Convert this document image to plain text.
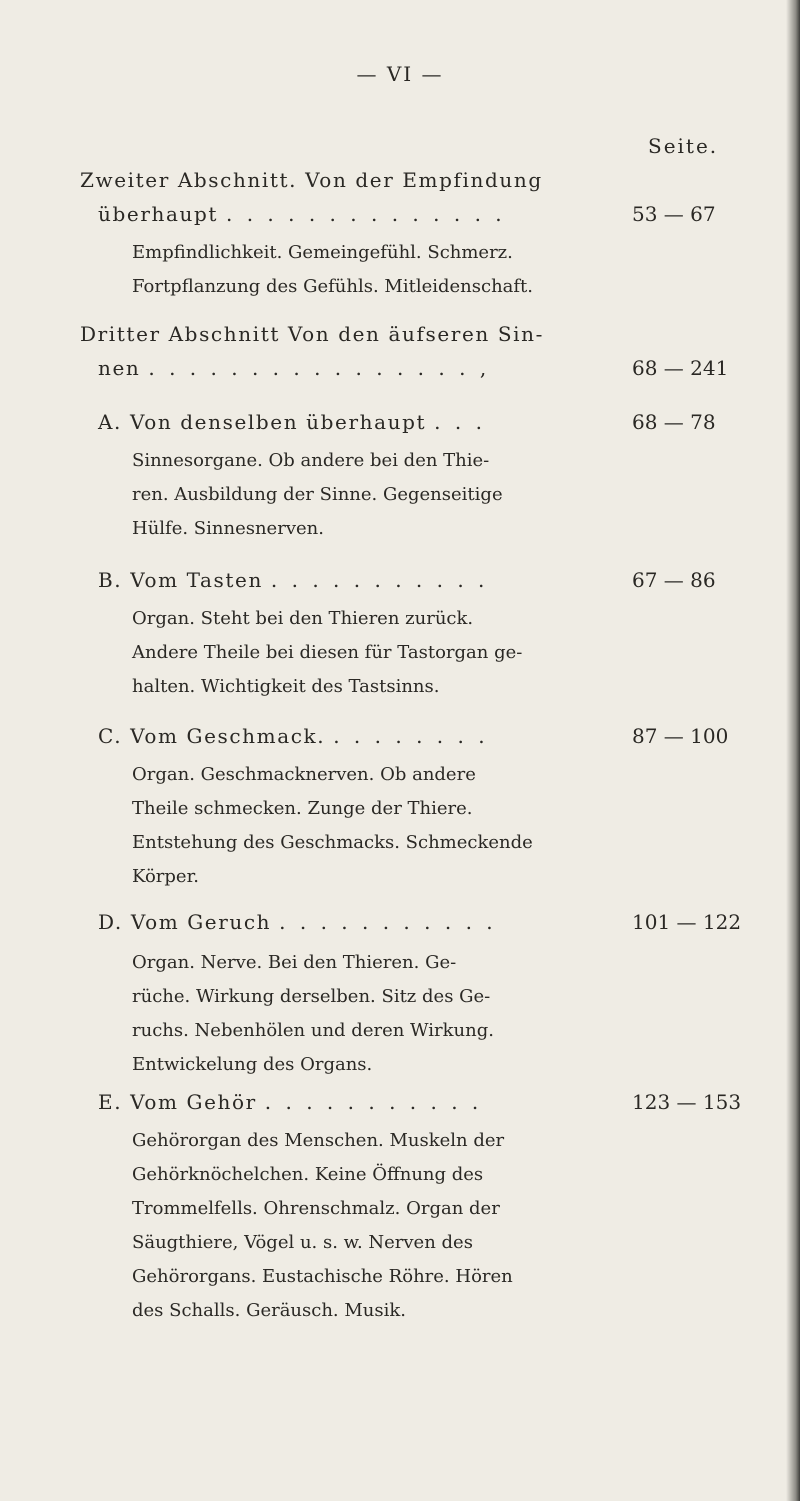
— VI —
Seite.
Zweiter Abschnitt. Von der Empfindung
überhaupt . . . . . . . . . . . . . .	53 — 67
Empfindlichkeit. Gemeingefühl. Schmerz.
Fortpflanzung des Gefühls. Mitleidenschaft.
Dritter Abschnitt Von den äufseren Sin-
nen . . . . . . . . . . . . . . . . ,	68 — 241
A. Von denselben überhaupt . . .	68 — 78
Sinnesorgane. Ob andere bei den Thie-
ren. Ausbildung der Sinne. Gegenseitige
Hülfe. Sinnesnerven.
B. Vom Tasten . . . . . . . . . . .	67 — 86
Organ. Steht bei den Thieren zurück.
Andere Theile bei diesen für Tastorgan ge-
halten. Wichtigkeit des Tastsinns.
C. Vom Geschmack. . . . . . . . .	87 — 100
Organ. Geschmacknerven. Ob andere
Theile schmecken. Zunge der Thiere.
Entstehung des Geschmacks. Schmeckende
Körper.
D. Vom Geruch . . . . . . . . . . .	101 — 122
Organ. Nerve. Bei den Thieren. Ge-
rüche. Wirkung derselben. Sitz des Ge-
ruchs. Nebenhölen und deren Wirkung.
Entwickelung des Organs.
E. Vom Gehör . . . . . . . . . . .	123 — 153
Gehörorgan des Menschen. Muskeln der
Gehörknöchelchen. Keine Öffnung des
Trommelfells. Ohrenschmalz. Organ der
Säugthiere, Vögel u. s. w. Nerven des
Gehörorgans. Eustachische Röhre. Hören
des Schalls. Geräusch. Musik.
